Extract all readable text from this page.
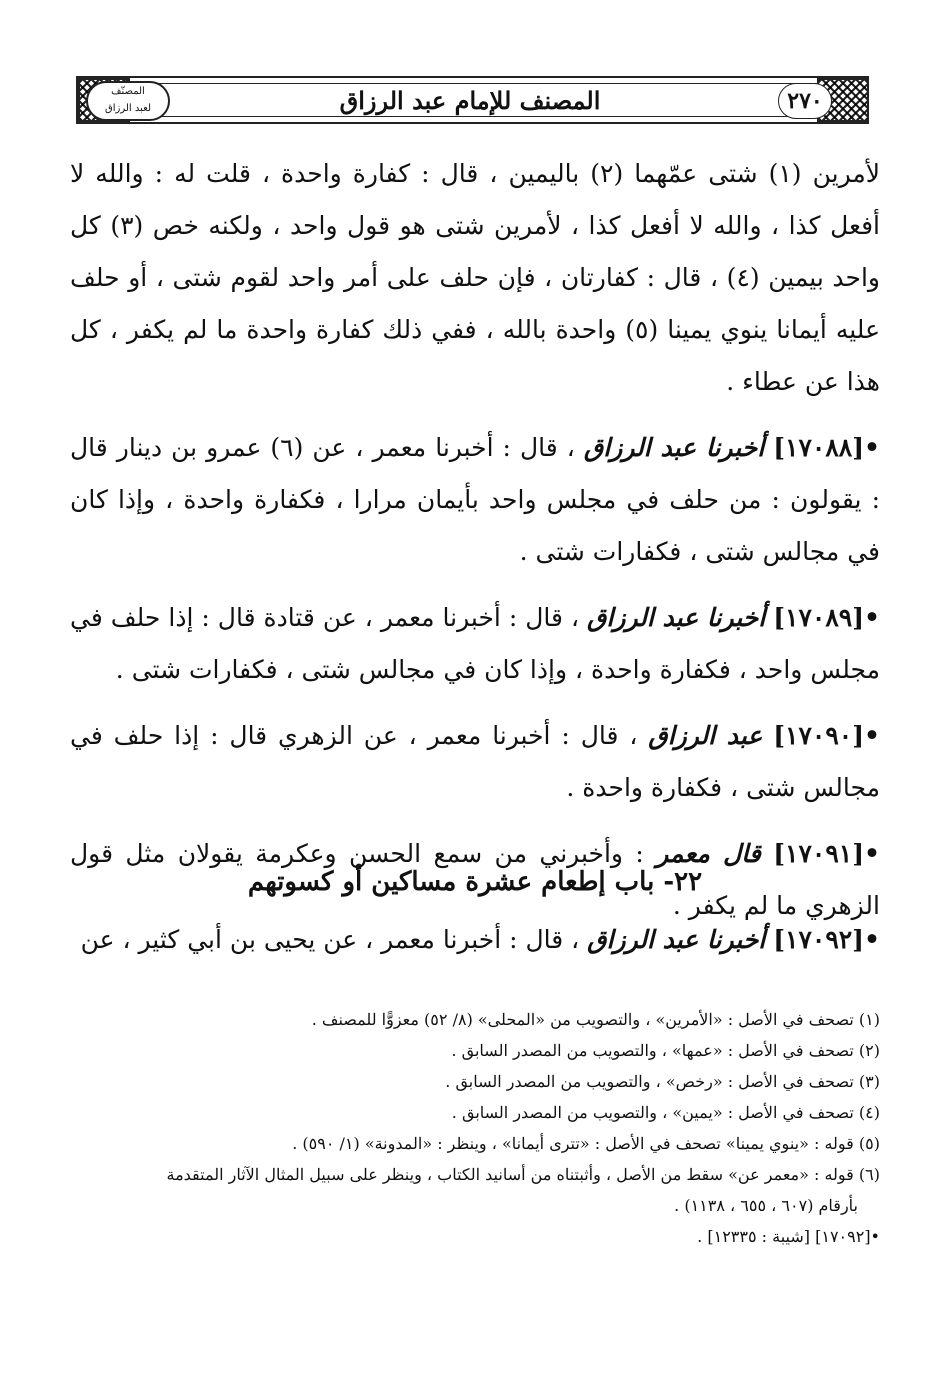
المصنّف
لعبد الرزاق	المصنف للإمام عبد الرزاق	٢٧٠

لأمرين (١) شتى عمّهما (٢) باليمين ، قال : كفارة واحدة ، قلت له : والله لا أفعل كذا ، والله لا أفعل كذا ، لأمرين شتى هو قول واحد ، ولكنه خص (٣) كل واحد بيمين (٤) ، قال : كفارتان ، فإن حلف على أمر واحد لقوم شتى ، أو حلف عليه أيمانا ينوي يمينا (٥) واحدة بالله ، ففي ذلك كفارة واحدة ما لم يكفر ، كل هذا عن عطاء .

•[١٧٠٨٨] أخبرنا عبد الرزاق ، قال : أخبرنا معمر ، عن (٦) عمرو بن دينار قال : يقولون : من حلف في مجلس واحد بأيمان مرارا ، فكفارة واحدة ، وإذا كان في مجالس شتى ، فكفارات شتى .

•[١٧٠٨٩] أخبرنا عبد الرزاق ، قال : أخبرنا معمر ، عن قتادة قال : إذا حلف في مجلس واحد ، فكفارة واحدة ، وإذا كان في مجالس شتى ، فكفارات شتى .

•[١٧٠٩٠] عبد الرزاق ، قال : أخبرنا معمر ، عن الزهري قال : إذا حلف في مجالس شتى ، فكفارة واحدة .

•[١٧٠٩١] قال معمر : وأخبرني من سمع الحسن وعكرمة يقولان مثل قول الزهري ما لم يكفر .

٢٢- باب إطعام عشرة مساكين أو كسوتهم

•[١٧٠٩٢] أخبرنا عبد الرزاق ، قال : أخبرنا معمر ، عن يحيى بن أبي كثير ، عن

(١) تصحف في الأصل : «الأمرين» ، والتصويب من «المحلى» (٨/ ٥٢) معزوًّا للمصنف .

(٢) تصحف في الأصل : «عمها» ، والتصويب من المصدر السابق .

(٣) تصحف في الأصل : «رخص» ، والتصويب من المصدر السابق .

(٤) تصحف في الأصل : «يمين» ، والتصويب من المصدر السابق .

(٥) قوله : «ينوي يمينا» تصحف في الأصل : «تترى أيمانا» ، وينظر : «المدونة» (١/ ٥٩٠) .

(٦) قوله : «معمر عن» سقط من الأصل ، وأثبتناه من أسانيد الكتاب ، وينظر على سبيل المثال الآثار المتقدمة

بأرقام (٦٠٧ ، ٦٥٥ ، ١١٣٨) .

•[١٧٠٩٢] [شيبة : ١٢٣٣٥] .
